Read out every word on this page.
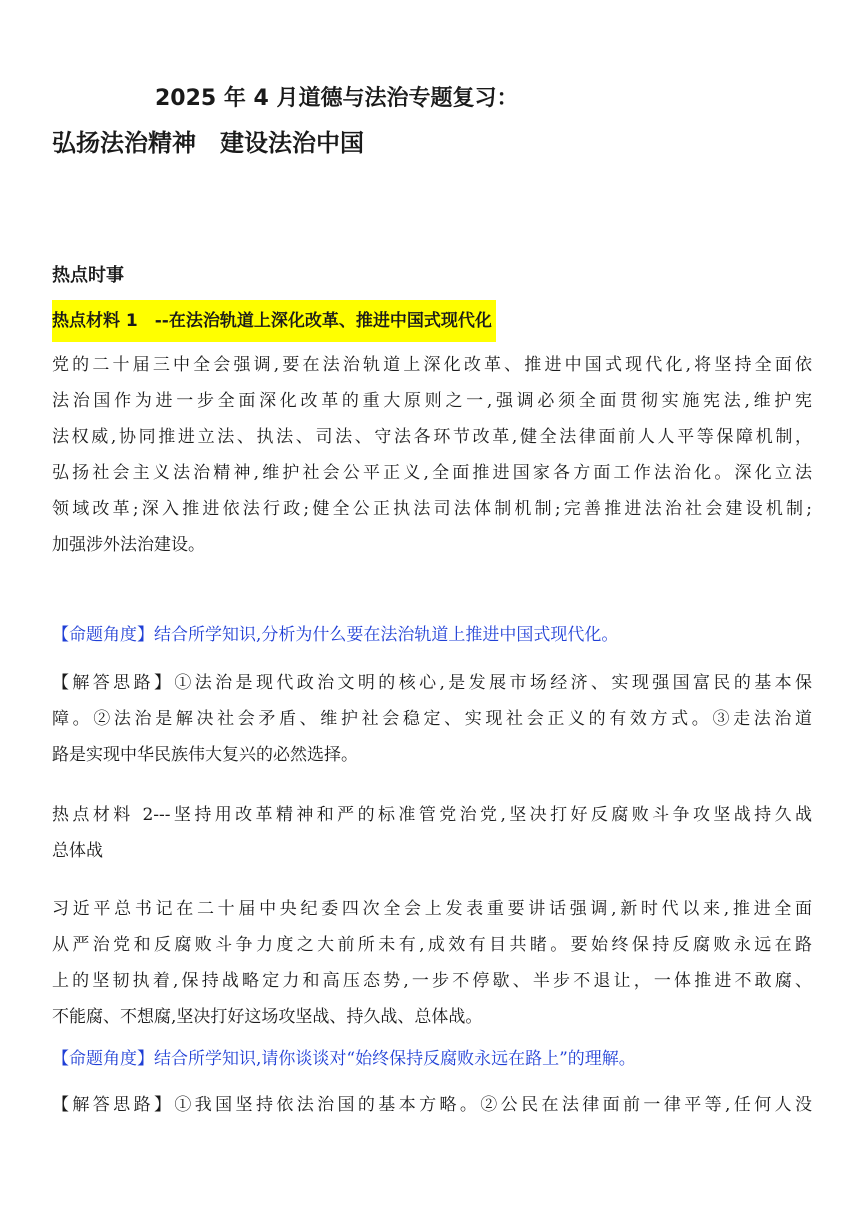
2025 年 4 月道德与法治专题复习：
弘扬法治精神　建设法治中国
热点时事
热点材料 1　--在法治轨道上深化改革、推进中国式现代化
党的二十届三中全会强调,要在法治轨道上深化改革、推进中国式现代化,将坚持全面依
法治国作为进一步全面深化改革的重大原则之一,强调必须全面贯彻实施宪法,维护宪
法权威,协同推进立法、执法、司法、守法各环节改革,健全法律面前人人平等保障机制，
弘扬社会主义法治精神,维护社会公平正义,全面推进国家各方面工作法治化。深化立法
领域改革;深入推进依法行政;健全公正执法司法体制机制;完善推进法治社会建设机制;
加强涉外法治建设。
【命题角度】结合所学知识,分析为什么要在法治轨道上推进中国式现代化。
【解答思路】①法治是现代政治文明的核心,是发展市场经济、实现强国富民的基本保
障。②法治是解决社会矛盾、维护社会稳定、实现社会正义的有效方式。③走法治道
路是实现中华民族伟大复兴的必然选择。
热点材料 2---坚持用改革精神和严的标准管党治党,坚决打好反腐败斗争攻坚战持久战
总体战
习近平总书记在二十届中央纪委四次全会上发表重要讲话强调,新时代以来,推进全面
从严治党和反腐败斗争力度之大前所未有,成效有目共睹。要始终保持反腐败永远在路
上的坚韧执着,保持战略定力和高压态势,一步不停歇、半步不退让，一体推进不敢腐、
不能腐、不想腐,坚决打好这场攻坚战、持久战、总体战。
【命题角度】结合所学知识,请你谈谈对“始终保持反腐败永远在路上”的理解。
【解答思路】①我国坚持依法治国的基本方略。②公民在法律面前一律平等,任何人没
